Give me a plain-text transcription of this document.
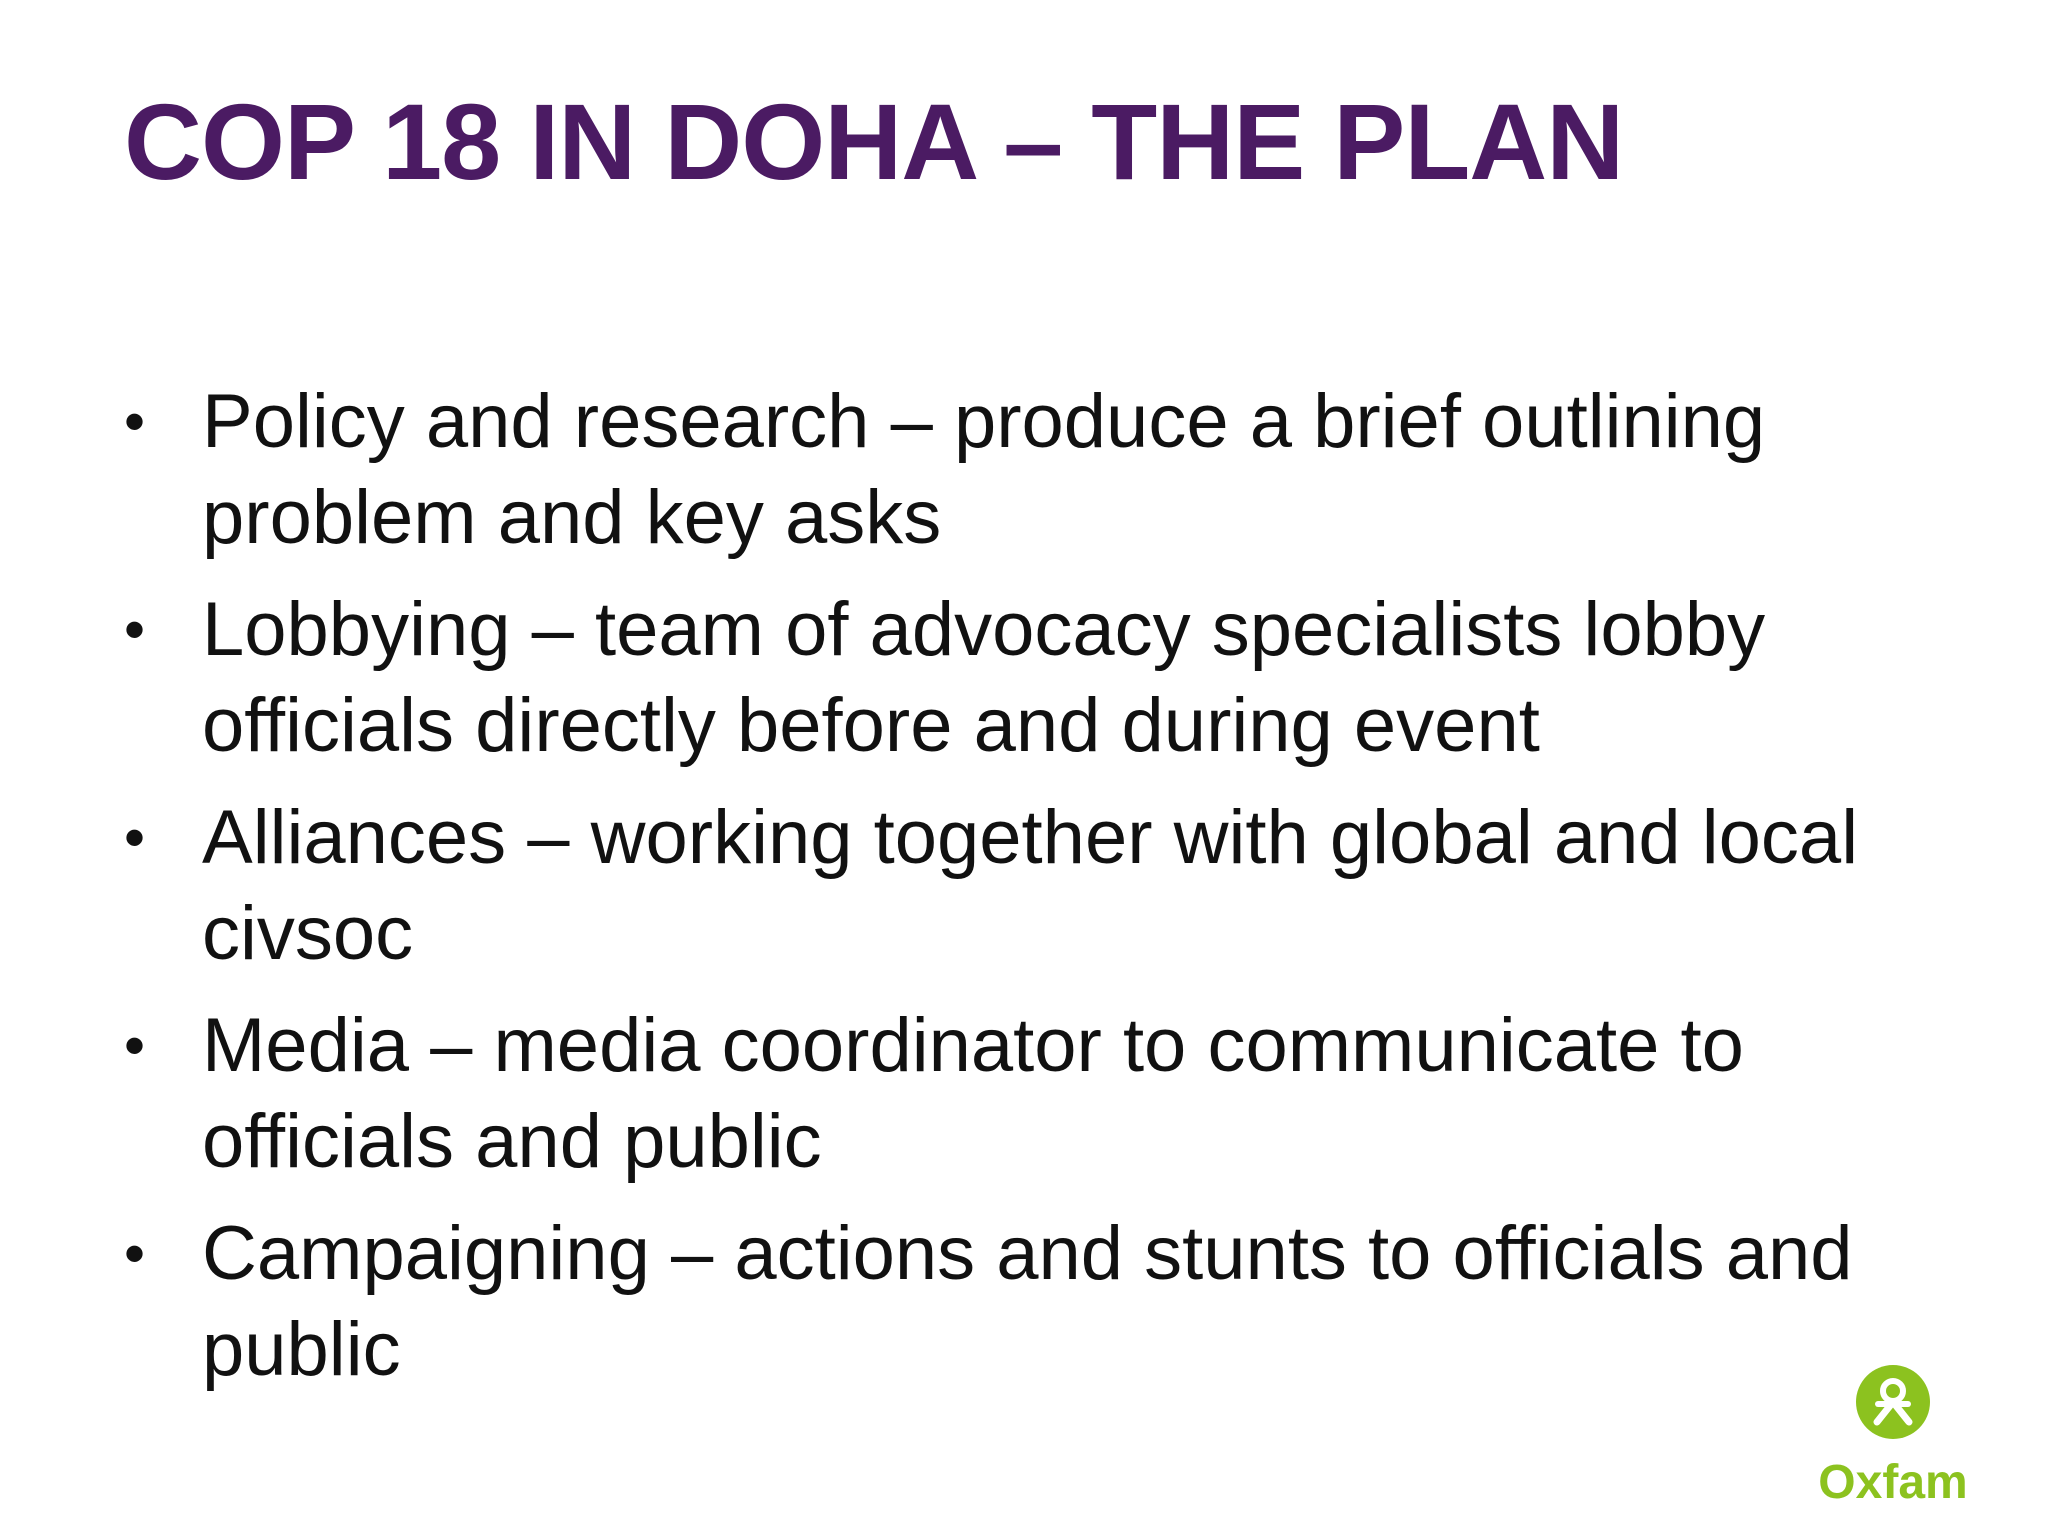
COP 18 IN DOHA – THE PLAN
• Policy and research – produce a brief outlining problem and key asks
• Lobbying – team of advocacy specialists lobby officials directly before and during event
• Alliances – working together with global and local civsoc
• Media – media coordinator to communicate to officials and public
• Campaigning – actions and stunts to officials and public
Oxfam
